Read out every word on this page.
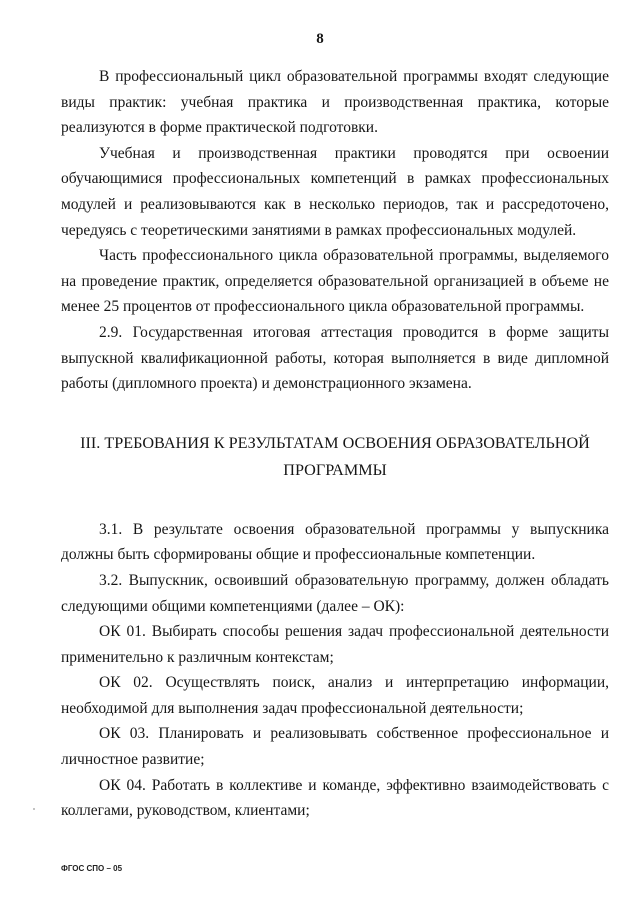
8

В профессиональный цикл образовательной программы входят следующие виды практик: учебная практика и производственная практика, которые реализуются в форме практической подготовки.

Учебная и производственная практики проводятся при освоении обучающимися профессиональных компетенций в рамках профессиональных модулей и реализовываются как в несколько периодов, так и рассредоточено, чередуясь с теоретическими занятиями в рамках профессиональных модулей.

Часть профессионального цикла образовательной программы, выделяемого на проведение практик, определяется образовательной организацией в объеме не менее 25 процентов от профессионального цикла образовательной программы.

2.9. Государственная итоговая аттестация проводится в форме защиты выпускной квалификационной работы, которая выполняется в виде дипломной работы (дипломного проекта) и демонстрационного экзамена.

III. ТРЕБОВАНИЯ К РЕЗУЛЬТАТАМ ОСВОЕНИЯ ОБРАЗОВАТЕЛЬНОЙ
ПРОГРАММЫ

3.1. В результате освоения образовательной программы у выпускника должны быть сформированы общие и профессиональные компетенции.

3.2. Выпускник, освоивший образовательную программу, должен обладать следующими общими компетенциями (далее – ОК):

ОК 01. Выбирать способы решения задач профессиональной деятельности применительно к различным контекстам;

ОК 02. Осуществлять поиск, анализ и интерпретацию информации, необходимой для выполнения задач профессиональной деятельности;

ОК 03. Планировать и реализовывать собственное профессиональное и личностное развитие;

ОК 04. Работать в коллективе и команде, эффективно взаимодействовать с коллегами, руководством, клиентами;

ФГОС СПО – 05
